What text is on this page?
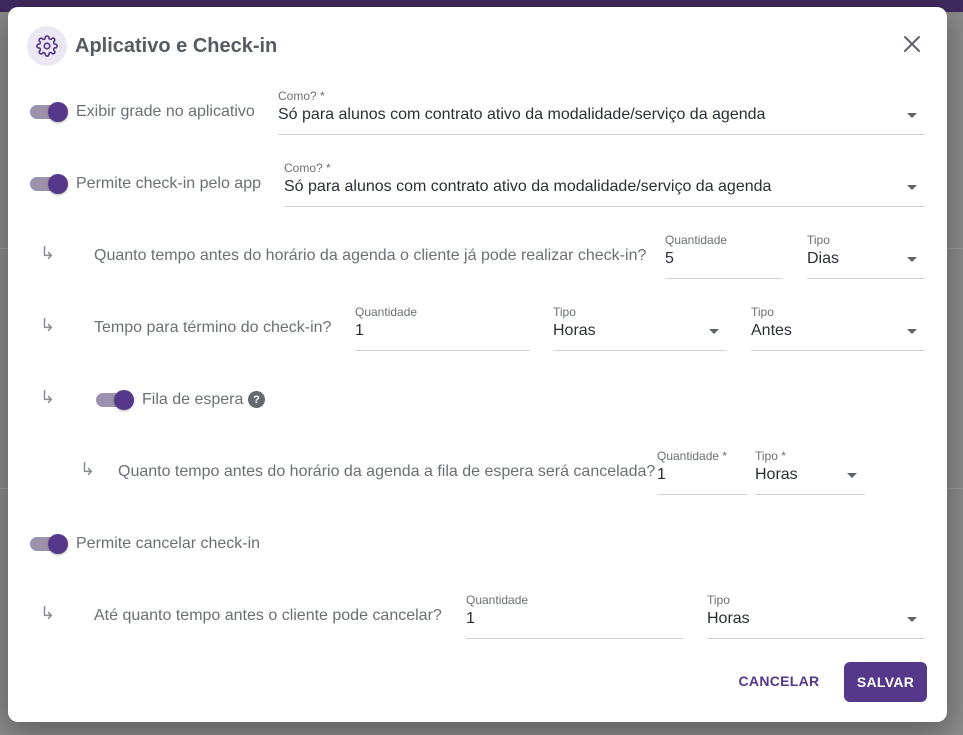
Aplicativo e Check-in
Exibir grade no aplicativo
Como? *
Só para alunos com contrato ativo da modalidade/serviço da agenda
Permite check-in pelo app
Como? *
Só para alunos com contrato ativo da modalidade/serviço da agenda
↳ Quanto tempo antes do horário da agenda o cliente já pode realizar check-in?
Quantidade
5
Tipo
Dias
↳ Tempo para término do check-in?
Quantidade
1
Tipo
Horas
Tipo
Antes
↳	Fila de espera ?
↳ Quanto tempo antes do horário da agenda a fila de espera será cancelada?
Quantidade *
1
Tipo *
Horas
Permite cancelar check-in
↳ Até quanto tempo antes o cliente pode cancelar?
Quantidade
1
Tipo
Horas
CANCELAR	SALVAR
